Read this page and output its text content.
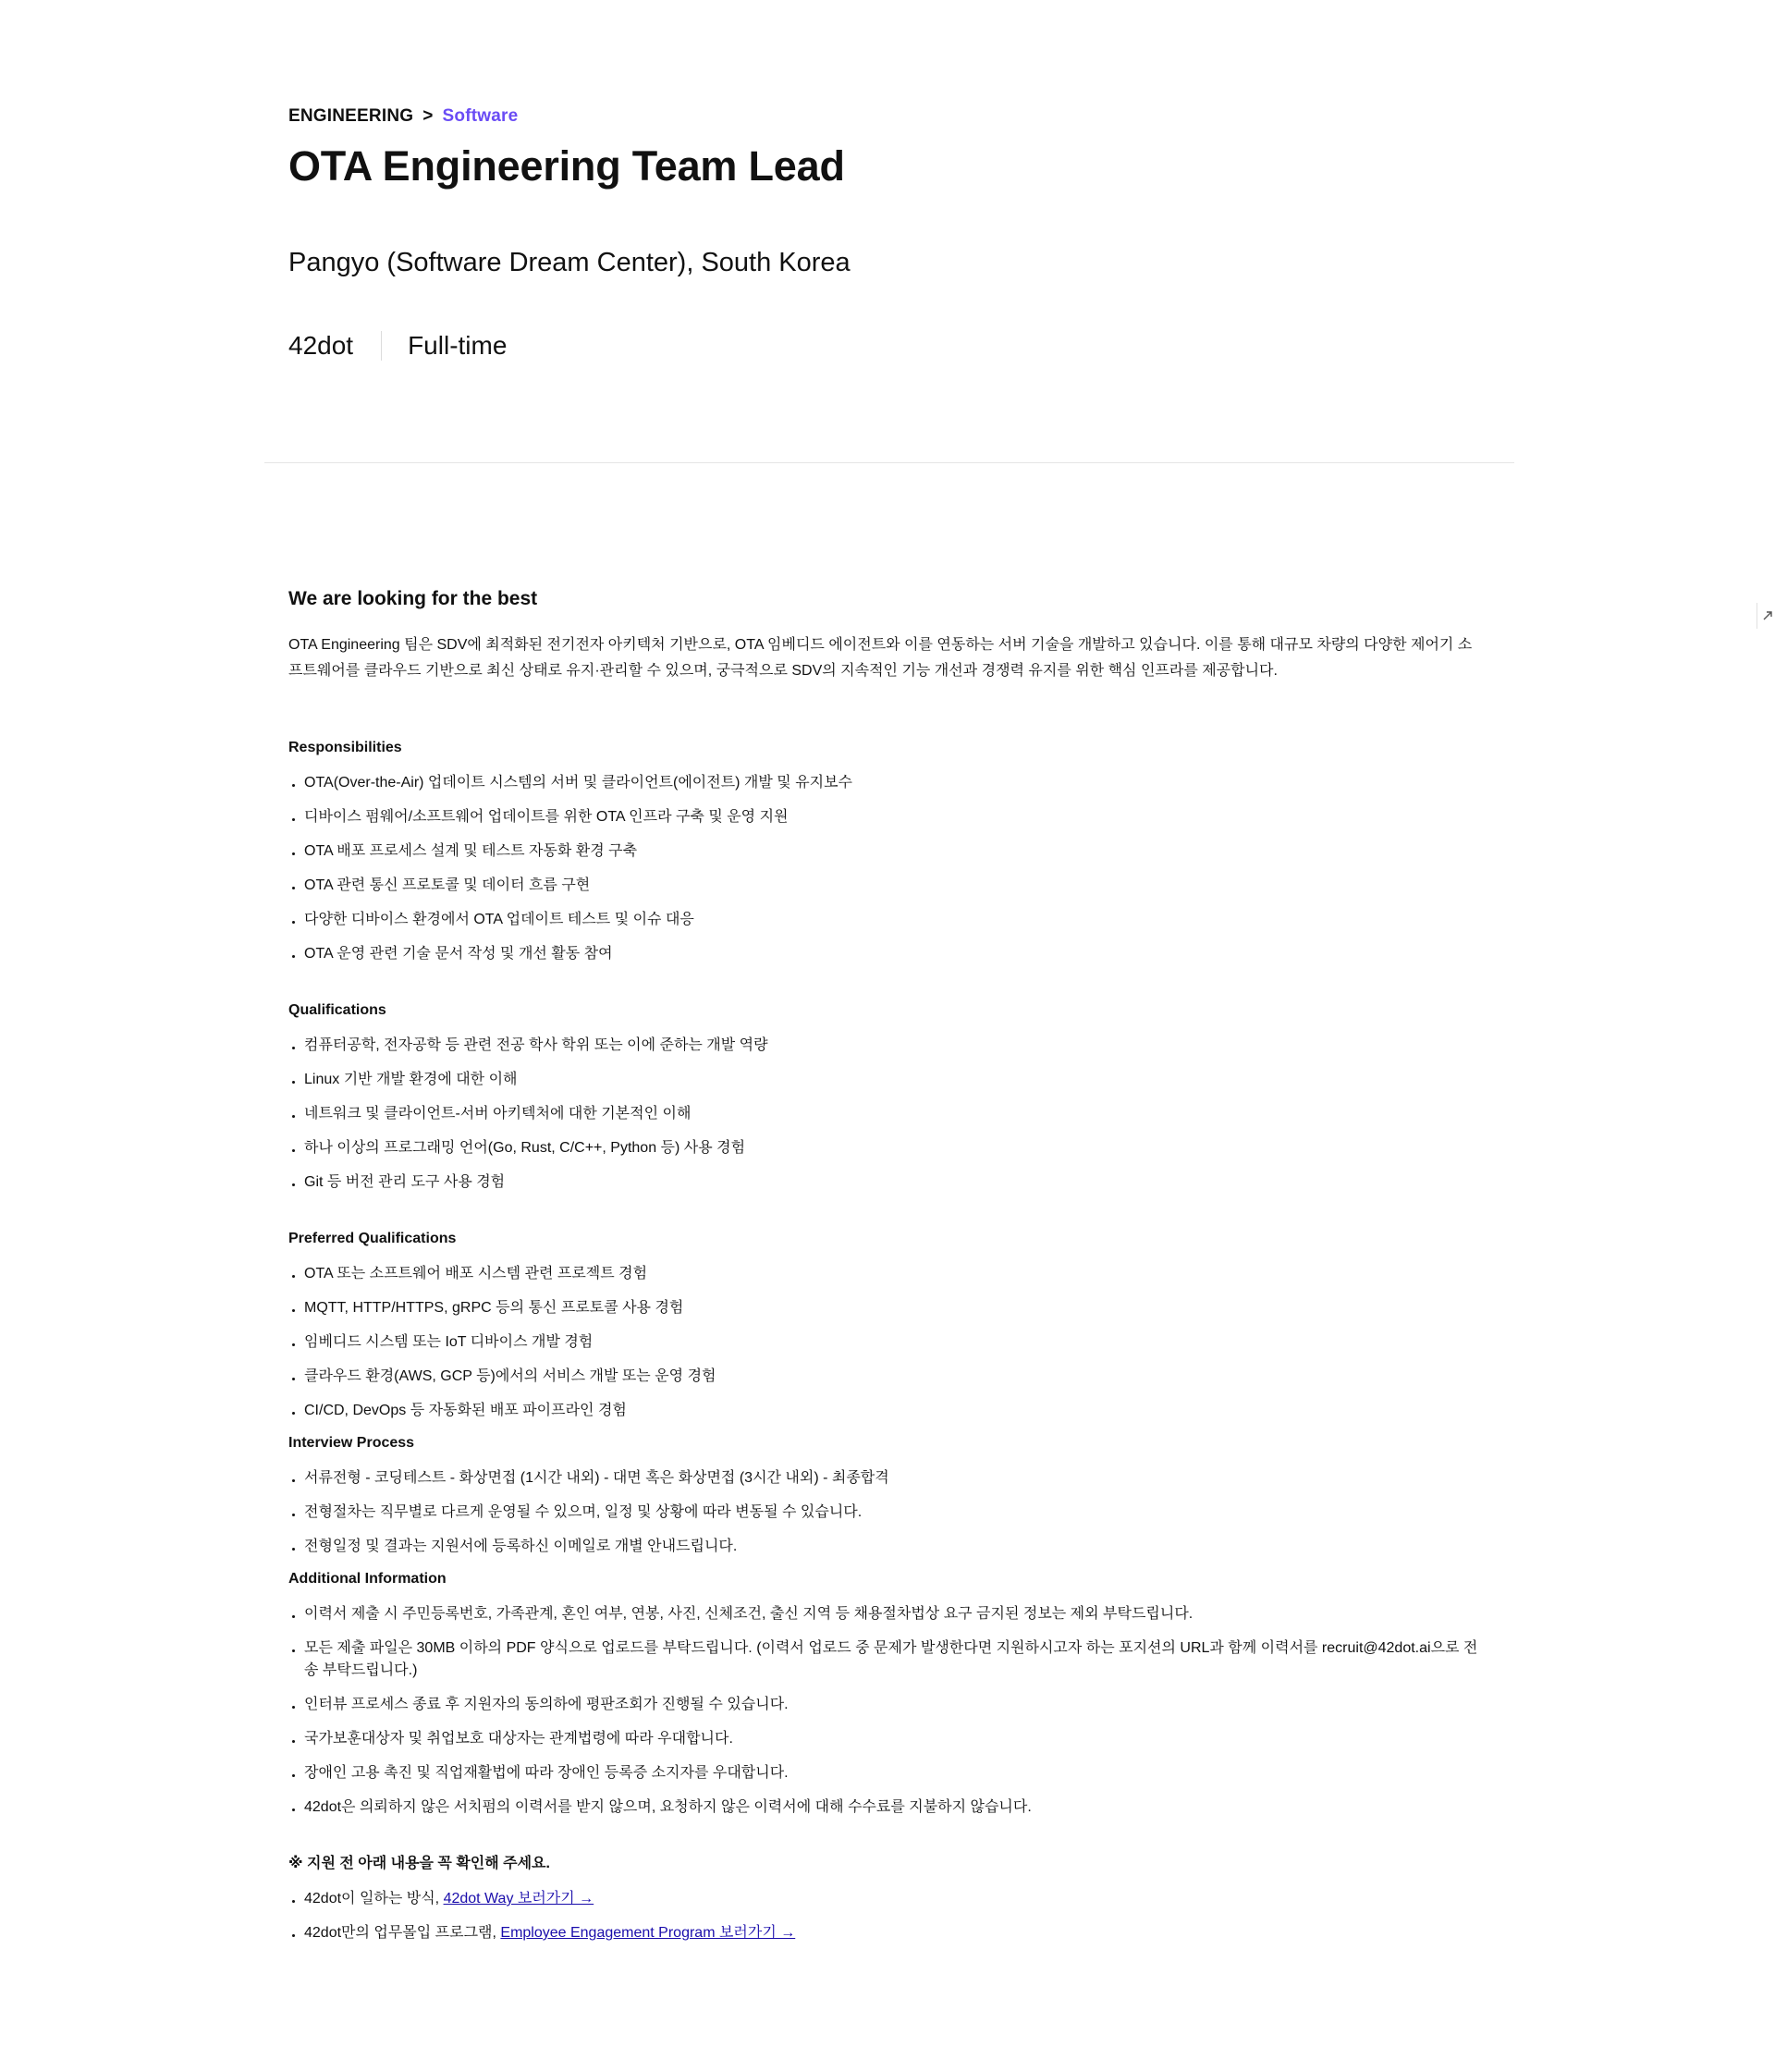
ENGINEERING > Software
OTA Engineering Team Lead
Pangyo (Software Dream Center), South Korea
42dot Full-time
We are looking for the best

OTA Engineering 팀은 SDV에 최적화된 전기전자 아키텍처 기반으로, OTA 임베디드 에이전트와 이를 연동하는 서버 기술을 개발하고 있습니다. 이를 통해 대규모 차량의 다양한 제어기 소프트웨어를 클라우드 기반으로 최신 상태로 유지·관리할 수 있으며, 궁극적으로 SDV의 지속적인 기능 개선과 경쟁력 유지를 위한 핵심 인프라를 제공합니다.

Responsibilities
OTA(Over-the-Air) 업데이트 시스템의 서버 및 클라이언트(에이전트) 개발 및 유지보수
디바이스 펌웨어/소프트웨어 업데이트를 위한 OTA 인프라 구축 및 운영 지원
OTA 배포 프로세스 설계 및 테스트 자동화 환경 구축
OTA 관련 통신 프로토콜 및 데이터 흐름 구현
다양한 디바이스 환경에서 OTA 업데이트 테스트 및 이슈 대응
OTA 운영 관련 기술 문서 작성 및 개선 활동 참여
Qualifications
컴퓨터공학, 전자공학 등 관련 전공 학사 학위 또는 이에 준하는 개발 역량
Linux 기반 개발 환경에 대한 이해
네트워크 및 클라이언트-서버 아키텍처에 대한 기본적인 이해
하나 이상의 프로그래밍 언어(Go, Rust, C/C++, Python 등) 사용 경험
Git 등 버전 관리 도구 사용 경험
Preferred Qualifications
OTA 또는 소프트웨어 배포 시스템 관련 프로젝트 경험
MQTT, HTTP/HTTPS, gRPC 등의 통신 프로토콜 사용 경험
임베디드 시스템 또는 IoT 디바이스 개발 경험
클라우드 환경(AWS, GCP 등)에서의 서비스 개발 또는 운영 경험
CI/CD, DevOps 등 자동화된 배포 파이프라인 경험
Interview Process
서류전형 - 코딩테스트 - 화상면접 (1시간 내외) - 대면 혹은 화상면접 (3시간 내외) - 최종합격
전형절차는 직무별로 다르게 운영될 수 있으며, 일정 및 상황에 따라 변동될 수 있습니다.
전형일정 및 결과는 지원서에 등록하신 이메일로 개별 안내드립니다.
Additional Information
이력서 제출 시 주민등록번호, 가족관계, 혼인 여부, 연봉, 사진, 신체조건, 출신 지역 등 채용절차법상 요구 금지된 정보는 제외 부탁드립니다.
모든 제출 파일은 30MB 이하의 PDF 양식으로 업로드를 부탁드립니다. (이력서 업로드 중 문제가 발생한다면 지원하시고자 하는 포지션의 URL과 함께 이력서를 recruit@42dot.ai으로 전송 부탁드립니다.)
인터뷰 프로세스 종료 후 지원자의 동의하에 평판조회가 진행될 수 있습니다.
국가보훈대상자 및 취업보호 대상자는 관계법령에 따라 우대합니다.
장애인 고용 촉진 및 직업재활법에 따라 장애인 등록증 소지자를 우대합니다.
42dot은 의뢰하지 않은 서치펌의 이력서를 받지 않으며, 요청하지 않은 이력서에 대해 수수료를 지불하지 않습니다.
※ 지원 전 아래 내용을 꼭 확인해 주세요.
42dot이 일하는 방식, 42dot Way 보러가기 →
42dot만의 업무몰입 프로그램, Employee Engagement Program 보러가기 →
